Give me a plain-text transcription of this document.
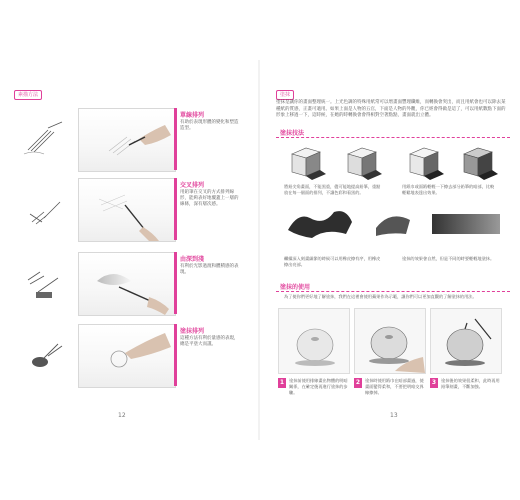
素描方法
單線排列
有助於表現形體的變化和塑造造型。
交叉排列
用鉛筆在交叉的方式排列線形，能夠表好地覆蓋上一層的線條，深有層次感。
由深到淺
有利於光影過渡和體積感的表現。
塗抹排列
這種方法有利於量感的表現，總是平塗大而謹。
12
塗抹
塗抹是讓你的畫面整理統一。上光色調的特殊用紙常可以增畫面豐理纖維，而轉換會突出，而且用紙會也可以除去某種紙的質感，正畫可適用。如果上面是人物的五官，下面是人物的外觀，你已經會得做是這了，可以用紙數點下面的形象上移過一下，這時候，在她的時轉換會會得相對空著點點，畫面就出立體。
塗抹技法
將鉛尖角畫面，不能黑重，儘可能地提高鉛筆，重點放在每一個面的排列，不讓色彩和看黑的。
用紙巾或面紙輕輕一下擦去部分鉛筆的暗部，比較輕鬆地表達出效果。
繼續深入刻畫細節的時候可以用橡皮擦有序，用橡皮擦出亮部。
塗抹的效果會自然，但是不同的時要輕輕地塗抹。
塗抹的使用
為了使你們更好地了解塗抹，我們在這裡會使用蘋果作為示範，讓你們可以更加直觀的了解塗抹的用法。
1	塗抹前使用排線畫出物體的明暗關係，在確定後再進行塗抹的步驟。
2	塗抹時使用紙巾在暗部畫過，使畫面變得柔和，不要把明暗交界線擦掉。
3	塗抹後的效果很柔和，此時再用鉛筆刻畫，不斷加強。
13
